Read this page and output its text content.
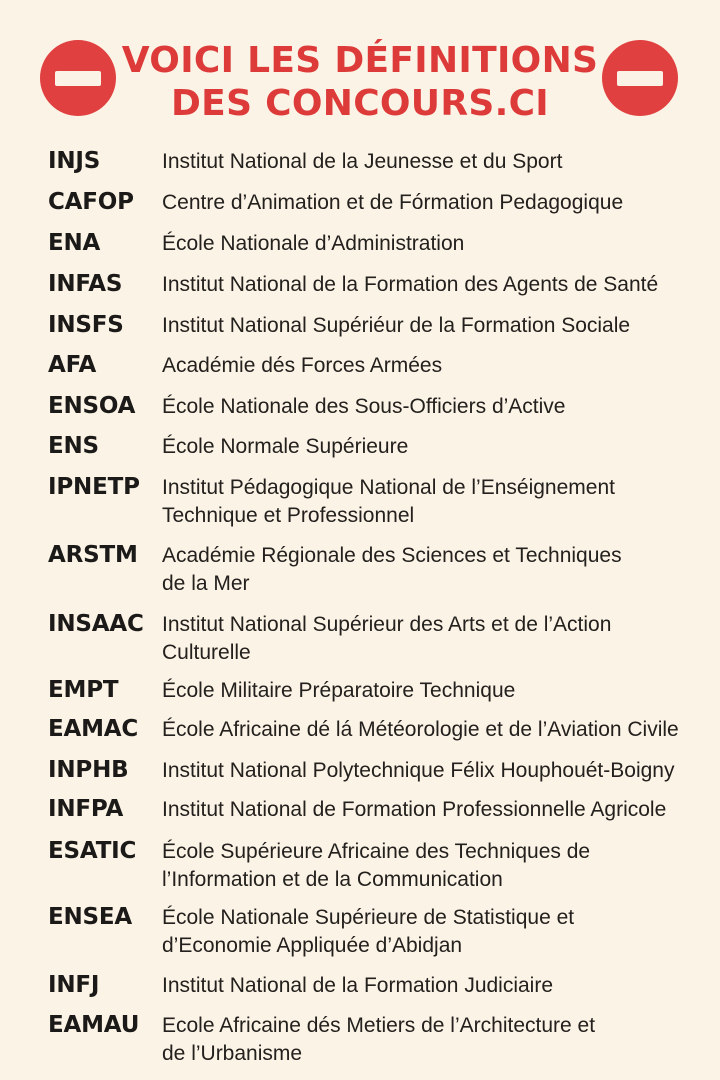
VOICI LES DÉFINITIONS
DES CONCOURS.CI
INJS	Institut National de la Jeunesse et du Sport
CAFOP Centre d’Animation et de Fórmation Pedagogique
ENA	École Nationale d’Administration
INFAS Institut National de la Formation des Agents de Santé
INSFS Institut National Supériéur de la Formation Sociale
AFA	Académie dés Forces Armées
ENSOA École Nationale des Sous-Officiers d’Active
ENS	École Normale Supérieure
IPNETP Institut Pédagogique National de l’Enséignement
Technique et Professionnel
ARSTM Académie Régionale des Sciences et Techniques
de la Mer
INSAAC Institut National Supérieur des Arts et de l’Action
Culturelle
EMPT École Militaire Préparatoire Technique
EAMAC École Africaine dé lá Météorologie et de l’Aviation Civile
INPHB Institut National Polytechnique Félix Houphouét-Boigny
INFPA Institut National de Formation Professionnelle Agricole
ESATIC École Supérieure Africaine des Techniques de
l’Information et de la Communication
ENSEA École Nationale Supérieure de Statistique et
d’Economie Appliquée d’Abidjan
INFJ	Institut National de la Formation Judiciaire
EAMAU Ecole Africaine dés Metiers de l’Architecture et
de l’Urbanisme
